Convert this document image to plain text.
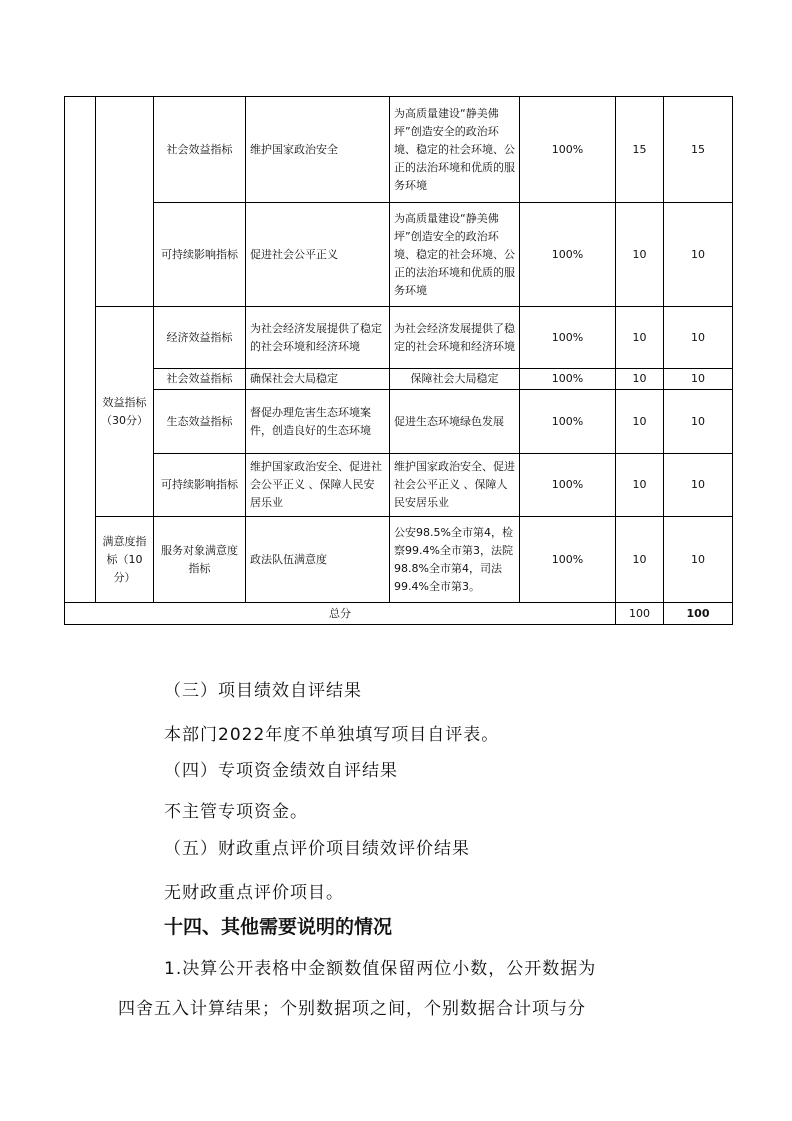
		社会效益指标	维护国家政治安全	为高质量建设“静美佛坪”创造安全的政治环境、稳定的社会环境、公正的法治环境和优质的服务环境	100%	15	15
		可持续影响指标	促进社会公平正义	为高质量建设“静美佛坪”创造安全的政治环境、稳定的社会环境、公正的法治环境和优质的服务环境	100%	10	10
	效益指标（30分）	经济效益指标	为社会经济发展提供了稳定的社会环境和经济环境	为社会经济发展提供了稳定的社会环境和经济环境	100%	10	10
		社会效益指标	确保社会大局稳定	保障社会大局稳定	100%	10	10
		生态效益指标	督促办理危害生态环境案件，创造良好的生态环境	促进生态环境绿色发展	100%	10	10
		可持续影响指标	维护国家政治安全、促进社会公平正义 、保障人民安居乐业	维护国家政治安全、促进社会公平正义 、保障人民安居乐业	100%	10	10
	满意度指标（10分）	服务对象满意度指标	政法队伍满意度	公安98.5%全市第4，检察99.4%全市第3，法院98.8%全市第4，司法99.4%全市第3。	100%	10	10
总分						100	100
（三）项目绩效自评结果
本部门2022年度不单独填写项目自评表。
（四）专项资金绩效自评结果
不主管专项资金。
（五）财政重点评价项目绩效评价结果
无财政重点评价项目。
十四、其他需要说明的情况
1.决算公开表格中金额数值保留两位小数，公开数据为
四舍五入计算结果；个别数据项之间，个别数据合计项与分
